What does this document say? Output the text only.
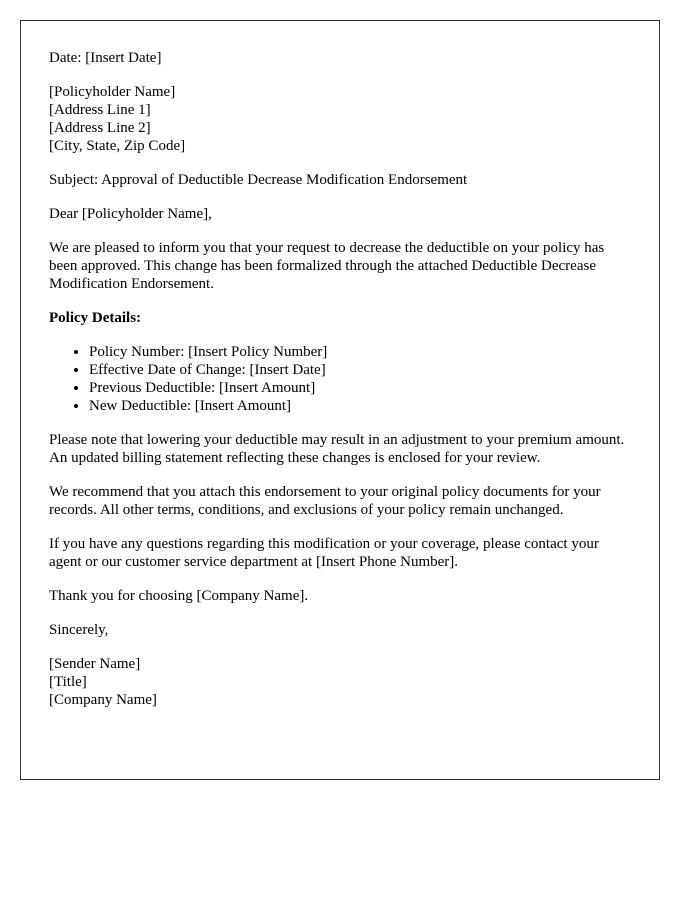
Date: [Insert Date]

[Policyholder Name]
[Address Line 1]
[Address Line 2]
[City, State, Zip Code]

Subject: Approval of Deductible Decrease Modification Endorsement

Dear [Policyholder Name],

We are pleased to inform you that your request to decrease the deductible on your policy has been approved. This change has been formalized through the attached Deductible Decrease Modification Endorsement.

Policy Details:

• Policy Number: [Insert Policy Number]
• Effective Date of Change: [Insert Date]
• Previous Deductible: [Insert Amount]
• New Deductible: [Insert Amount]

Please note that lowering your deductible may result in an adjustment to your premium amount. An updated billing statement reflecting these changes is enclosed for your review.

We recommend that you attach this endorsement to your original policy documents for your records. All other terms, conditions, and exclusions of your policy remain unchanged.

If you have any questions regarding this modification or your coverage, please contact your agent or our customer service department at [Insert Phone Number].

Thank you for choosing [Company Name].

Sincerely,

[Sender Name]
[Title]
[Company Name]
